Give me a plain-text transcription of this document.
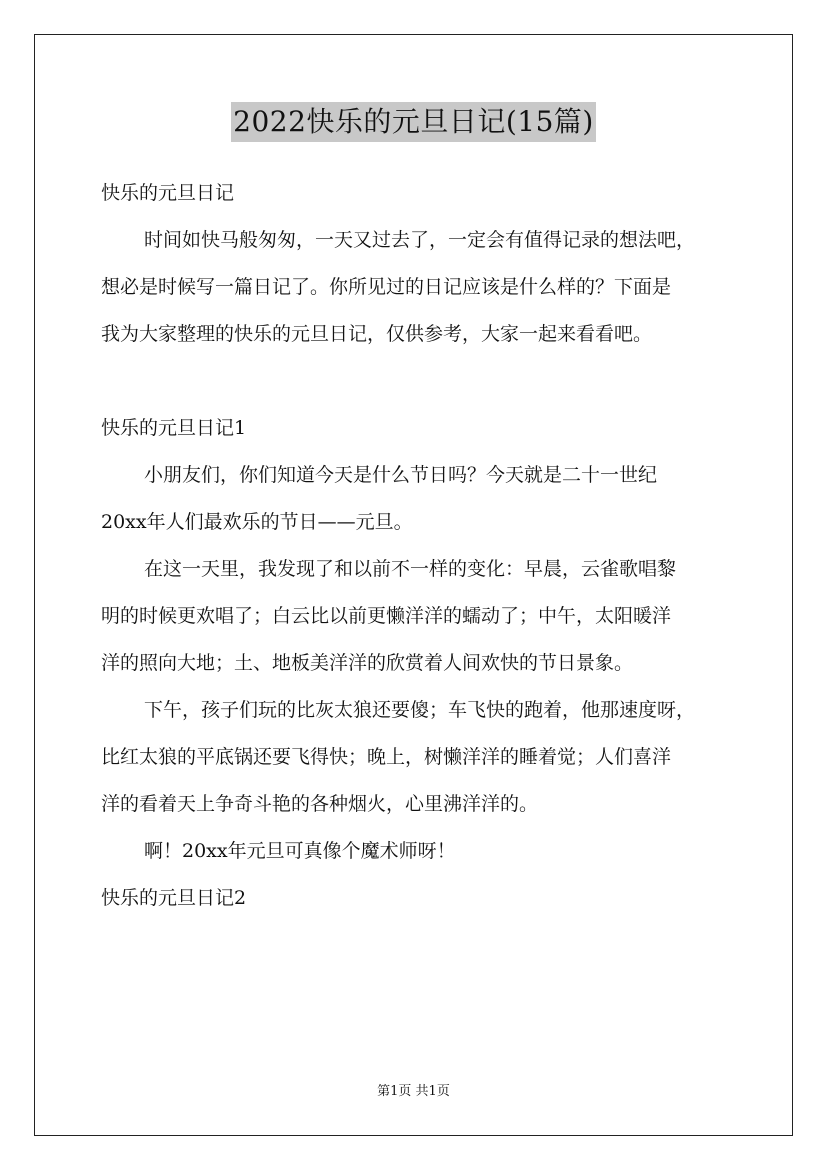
2022快乐的元旦日记(15篇)
快乐的元旦日记
时间如快马般匆匆，一天又过去了，一定会有值得记录的想法吧，
想必是时候写一篇日记了。你所见过的日记应该是什么样的？下面是
我为大家整理的快乐的元旦日记，仅供参考，大家一起来看看吧。
快乐的元旦日记1
小朋友们，你们知道今天是什么节日吗？今天就是二十一世纪
20xx年人们最欢乐的节日——元旦。
在这一天里，我发现了和以前不一样的变化：早晨，云雀歌唱黎
明的时候更欢唱了；白云比以前更懒洋洋的蠕动了；中午，太阳暖洋
洋的照向大地；土、地板美洋洋的欣赏着人间欢快的节日景象。
下午，孩子们玩的比灰太狼还要傻；车飞快的跑着，他那速度呀，
比红太狼的平底锅还要飞得快；晚上，树懒洋洋的睡着觉；人们喜洋
洋的看着天上争奇斗艳的各种烟火，心里沸洋洋的。
啊！20xx年元旦可真像个魔术师呀！
快乐的元旦日记2
第1页 共1页
